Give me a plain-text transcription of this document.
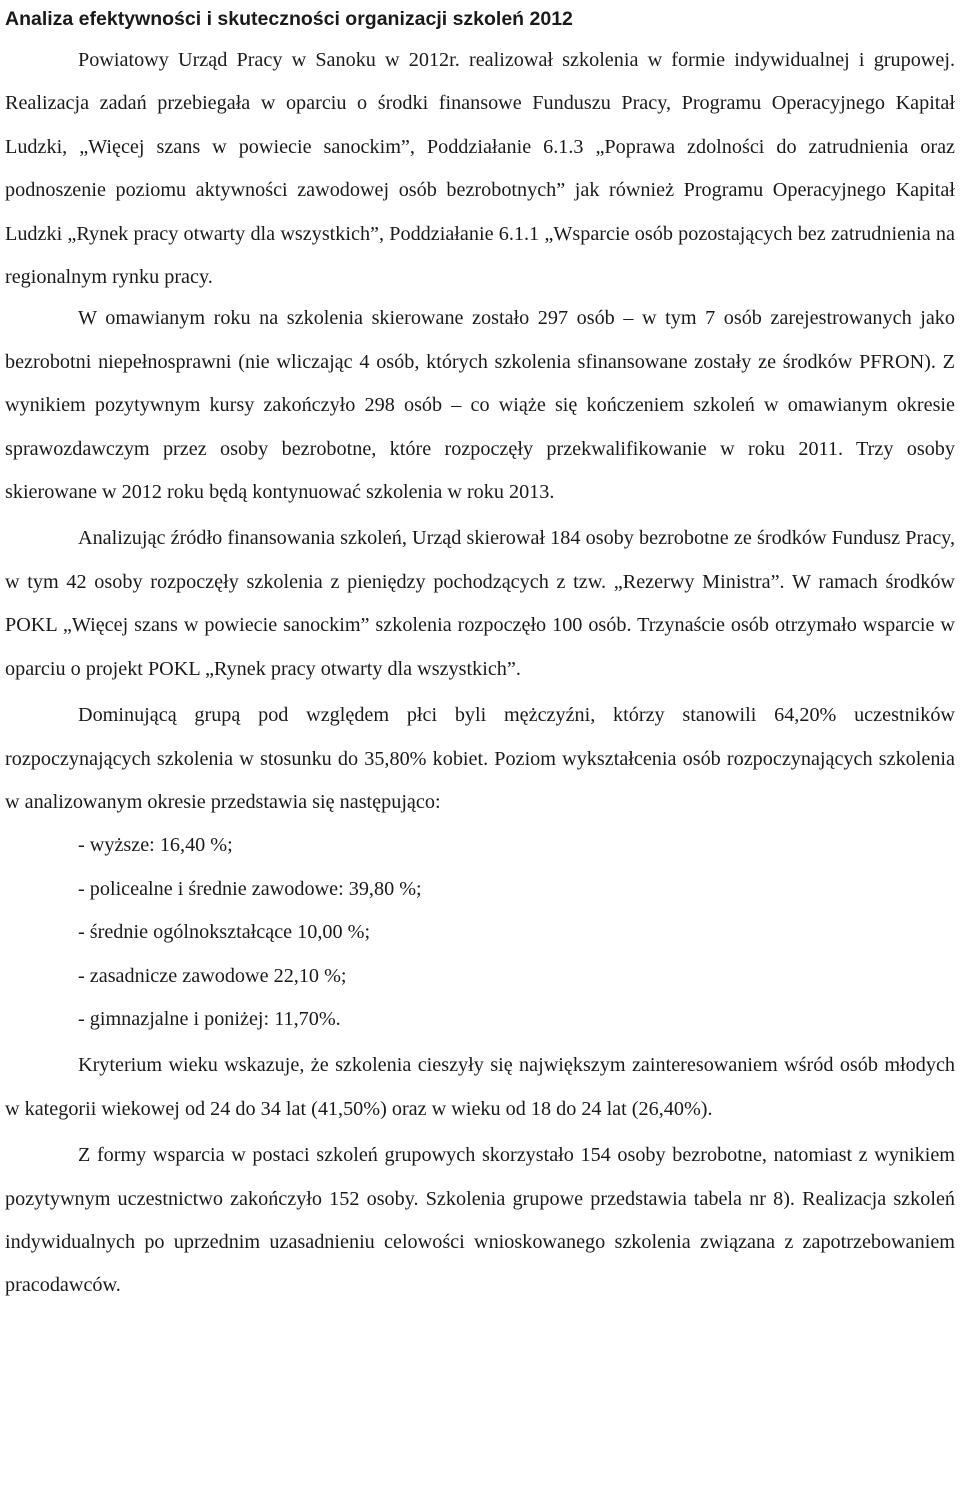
Analiza efektywności i skuteczności organizacji szkoleń 2012

Powiatowy Urząd Pracy w Sanoku w 2012r. realizował szkolenia w formie indywidualnej i grupowej. Realizacja zadań przebiegała w oparciu o środki finansowe Funduszu Pracy, Programu Operacyjnego Kapitał Ludzki, „Więcej szans w powiecie sanockim”, Poddziałanie 6.1.3 „Poprawa zdolności do zatrudnienia oraz podnoszenie poziomu aktywności zawodowej osób bezrobotnych” jak również Programu Operacyjnego Kapitał Ludzki „Rynek pracy otwarty dla wszystkich”, Poddziałanie 6.1.1 „Wsparcie osób pozostających bez zatrudnienia na regionalnym rynku pracy.

W omawianym roku na szkolenia skierowane zostało 297 osób – w tym 7 osób zarejestrowanych jako bezrobotni niepełnosprawni (nie wliczając 4 osób, których szkolenia sfinansowane zostały ze środków PFRON). Z wynikiem pozytywnym kursy zakończyło 298 osób – co wiąże się kończeniem szkoleń w omawianym okresie sprawozdawczym przez osoby bezrobotne, które rozpoczęły przekwalifikowanie w roku 2011. Trzy osoby skierowane w 2012 roku będą kontynuować szkolenia w roku 2013.

Analizując źródło finansowania szkoleń, Urząd skierował 184 osoby bezrobotne ze środków Fundusz Pracy, w tym 42 osoby rozpoczęły szkolenia z pieniędzy pochodzących z tzw. „Rezerwy Ministra”. W ramach środków POKL „Więcej szans w powiecie sanockim” szkolenia rozpoczęło 100 osób. Trzynaście osób otrzymało wsparcie w oparciu o projekt POKL „Rynek pracy otwarty dla wszystkich”.

Dominującą grupą pod względem płci byli mężczyźni, którzy stanowili 64,20% uczestników rozpoczynających szkolenia w stosunku do 35,80% kobiet. Poziom wykształcenia osób rozpoczynających szkolenia w analizowanym okresie przedstawia się następująco:

- wyższe: 16,40 %;
- policealne i średnie zawodowe: 39,80 %;
- średnie ogólnokształcące 10,00 %;
- zasadnicze zawodowe 22,10 %;
- gimnazjalne i poniżej: 11,70%.

Kryterium wieku wskazuje, że szkolenia cieszyły się największym zainteresowaniem wśród osób młodych w kategorii wiekowej od 24 do 34 lat (41,50%) oraz w wieku od 18 do 24 lat (26,40%).

Z formy wsparcia w postaci szkoleń grupowych skorzystało 154 osoby bezrobotne, natomiast z wynikiem pozytywnym uczestnictwo zakończyło 152 osoby. Szkolenia grupowe przedstawia tabela nr 8). Realizacja szkoleń indywidualnych po uprzednim uzasadnieniu celowości wnioskowanego szkolenia związana z zapotrzebowaniem pracodawców.
